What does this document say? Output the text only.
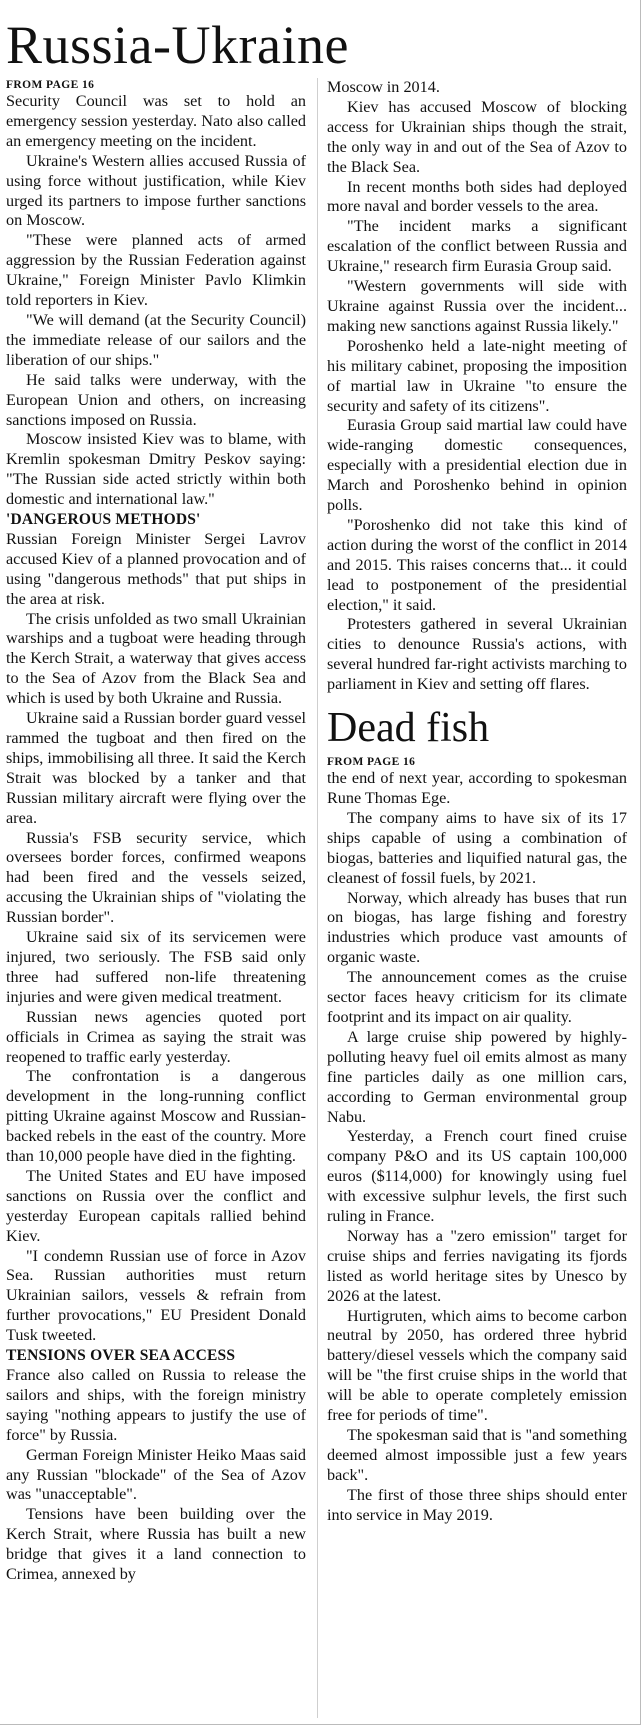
Russia-Ukraine

FROM PAGE 16

Security Council was set to hold an emergency session yesterday. Nato also called an emergency meeting on the incident.

Ukraine's Western allies accused Russia of using force without justification, while Kiev urged its partners to impose further sanctions on Moscow.

"These were planned acts of armed aggression by the Russian Federation against Ukraine," Foreign Minister Pavlo Klimkin told reporters in Kiev.

"We will demand (at the Security Council) the immediate release of our sailors and the liberation of our ships."

He said talks were underway, with the European Union and others, on increasing sanctions imposed on Russia.

Moscow insisted Kiev was to blame, with Kremlin spokesman Dmitry Peskov saying: "The Russian side acted strictly within both domestic and international law."

'DANGEROUS METHODS'

Russian Foreign Minister Sergei Lavrov accused Kiev of a planned provocation and of using "dangerous methods" that put ships in the area at risk.

The crisis unfolded as two small Ukrainian warships and a tugboat were heading through the Kerch Strait, a waterway that gives access to the Sea of Azov from the Black Sea and which is used by both Ukraine and Russia.

Ukraine said a Russian border guard vessel rammed the tugboat and then fired on the ships, immobilising all three. It said the Kerch Strait was blocked by a tanker and that Russian military aircraft were flying over the area.

Russia's FSB security service, which oversees border forces, confirmed weapons had been fired and the vessels seized, accusing the Ukrainian ships of "violating the Russian border".

Ukraine said six of its servicemen were injured, two seriously. The FSB said only three had suffered non-life threatening injuries and were given medical treatment.

Russian news agencies quoted port officials in Crimea as saying the strait was reopened to traffic early yesterday.

The confrontation is a dangerous development in the long-running conflict pitting Ukraine against Moscow and Russian-backed rebels in the east of the country. More than 10,000 people have died in the fighting.

The United States and EU have imposed sanctions on Russia over the conflict and yesterday European capitals rallied behind Kiev.

"I condemn Russian use of force in Azov Sea. Russian authorities must return Ukrainian sailors, vessels & refrain from further provocations," EU President Donald Tusk tweeted.

TENSIONS OVER SEA ACCESS

France also called on Russia to release the sailors and ships, with the foreign ministry saying "nothing appears to justify the use of force" by Russia.

German Foreign Minister Heiko Maas said any Russian "blockade" of the Sea of Azov was "unacceptable".

Tensions have been building over the Kerch Strait, where Russia has built a new bridge that gives it a land connection to Crimea, annexed by

Moscow in 2014.

Kiev has accused Moscow of blocking access for Ukrainian ships though the strait, the only way in and out of the Sea of Azov to the Black Sea.

In recent months both sides had deployed more naval and border vessels to the area.

"The incident marks a significant escalation of the conflict between Russia and Ukraine," research firm Eurasia Group said.

"Western governments will side with Ukraine against Russia over the incident... making new sanctions against Russia likely."

Poroshenko held a late-night meeting of his military cabinet, proposing the imposition of martial law in Ukraine "to ensure the security and safety of its citizens".

Eurasia Group said martial law could have wide-ranging domestic consequences, especially with a presidential election due in March and Poroshenko behind in opinion polls.

"Poroshenko did not take this kind of action during the worst of the conflict in 2014 and 2015. This raises concerns that... it could lead to postponement of the presidential election," it said.

Protesters gathered in several Ukrainian cities to denounce Russia's actions, with several hundred far-right activists marching to parliament in Kiev and setting off flares.

Dead fish

FROM PAGE 16

the end of next year, according to spokesman Rune Thomas Ege.

The company aims to have six of its 17 ships capable of using a combination of biogas, batteries and liquified natural gas, the cleanest of fossil fuels, by 2021.

Norway, which already has buses that run on biogas, has large fishing and forestry industries which produce vast amounts of organic waste.

The announcement comes as the cruise sector faces heavy criticism for its climate footprint and its impact on air quality.

A large cruise ship powered by highly-polluting heavy fuel oil emits almost as many fine particles daily as one million cars, according to German environmental group Nabu.

Yesterday, a French court fined cruise company P&O and its US captain 100,000 euros ($114,000) for knowingly using fuel with excessive sulphur levels, the first such ruling in France.

Norway has a "zero emission" target for cruise ships and ferries navigating its fjords listed as world heritage sites by Unesco by 2026 at the latest.

Hurtigruten, which aims to become carbon neutral by 2050, has ordered three hybrid battery/diesel vessels which the company said will be "the first cruise ships in the world that will be able to operate completely emission free for periods of time".

The spokesman said that is "and something deemed almost impossible just a few years back".

The first of those three ships should enter into service in May 2019.
